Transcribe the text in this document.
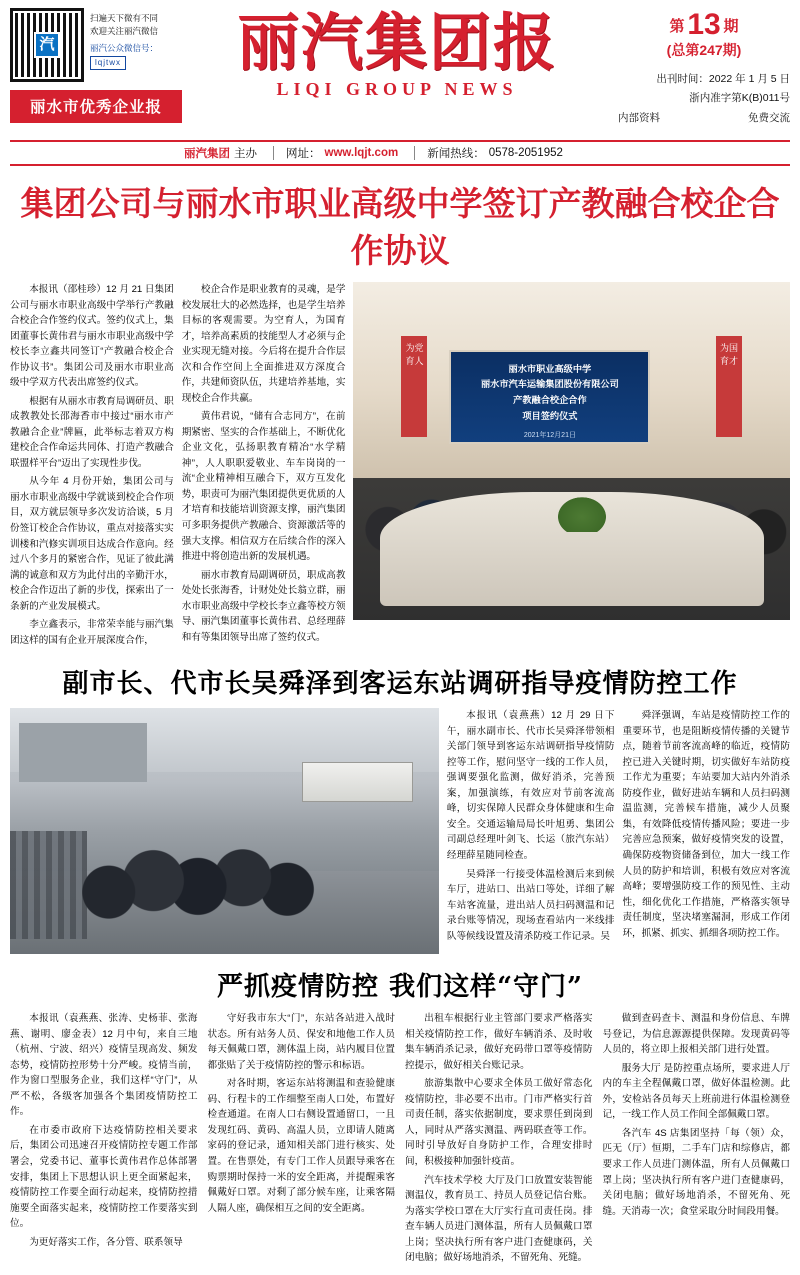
汽
扫遍天下微有不同
欢迎关注丽汽微信
丽汽公众微信号：
lqjtwx
丽水市优秀企业报
丽汽集团报
LIQI GROUP NEWS
第 13 期
(总第247期)
出刊时间：2022 年 1 月 5 日
浙内准字第K(B)011号
内部资料	免费交流
丽汽集团 主办	网址： www.lqjt.com	新闻热线： 0578-2051952
集团公司与丽水市职业高级中学签订产教融合校企合作协议

本报讯（邵桂珍）12 月 21 日集团公司与丽水市职业高级中学举行产教融合校企合作签约仪式。签约仪式上，集团董事长黄伟君与丽水市职业高级中学校长李立鑫共同签订“产教融合校企合作协议书”。集团公司及丽水市职业高级中学双方代表出席签约仪式。

根据有从丽水市教育局调研员、职成教教处长邵海香市中接过“丽水市产教融合企业”牌匾，此举标志着双方构建校企合作命运共同体、打造产教融合联盟样平台”迈出了实现性步伐。

从今年 4 月份开始，集团公司与丽水市职业高级中学就谈到校企合作项目，双方就层领导多次发访洽谈，5 月份签订校企合作协议，重点对接落实实训楼和汽修实训项目达成合作意向。经过八个多月的紧密合作，见证了彼此满满的诚意和双方为此付出的辛勤汗水，校企合作迈出了新的步伐，探索出了一条新的产业发展模式。

李立鑫表示，非常荣幸能与丽汽集团这样的国有企业开展深度合作，

校企合作是职业教育的灵魂，是学校发展壮大的必然选择，也是学生培养目标的客观需要。为空育人，为国育才，培养高素质的技能型人才必须与企业实现无缝对接。今后将在提升合作层次和合作空间上全面推进双方深度合作，共建师资队伍，共建培养基地，实现校企合作共赢。

黄伟君说，“储有合志同方”，在前期紧密、坚实的合作基础上，不断优化企业文化，弘扬职教育精冶“水学精神”，人人职职爱敬业、车车岗岗的一流“企业精神相互融合下，双方互发化势，职责可为丽汽集团提供更优质的人才培育和技能培训资源支撑，丽汽集团可多职务提供产教融合、资源激活等的强大支撑。相信双方在后续合作的深入推进中将创造出新的发展机遇。

丽水市教育局副调研员，职成高教处处长张海香，计财处处长翁立群，丽水市职业高级中学校长李立鑫等校方领导、丽汽集团董事长黄伟君、总经理薛和有等集团领导出席了签约仪式。

为党育人
为国育才
丽水市职业高级中学
丽水市汽车运输集团股份有限公司
产教融合校企合作
项目签约仪式
2021年12月21日
副市长、代市长吴舜泽到客运东站调研指导疫情防控工作

本报讯（袁燕燕）12 月 29 日下午，丽水副市长、代市长吴舜泽带领相关部门领导到客运东站调研指导疫情防控等工作，慰问坚守一线的工作人员，强调要强化监测，做好消杀，完善预案，加强演练，有效应对节前客流高峰，切实保障人民群众身体健康和生命安全。交通运输局局长叶旭勇、集团公司副总经理叶剑飞、长运（旅汽东站）经理薛星随同检查。

吴舜泽一行接受体温检测后来到候车厅，进站口、出站口等处，详细了解车站客流量，进出站人员扫码测温和记录台账等情况，现场查看站内一米线排队等候线设置及清杀防疫工作记录。吴

舜泽强调，车站是疫情防控工作的重要环节，也是阻断疫情传播的关键节点，随着节前客流高峰的临近，疫情防控已进入关键时期，切实做好车站防疫工作尤为重要；车站要加大站内外消杀防疫作业，做好进站车辆和人员扫码测温监测，完善候车措施，减少人员聚集，有效降低疫情传播风险；要进一步完善应急预案，做好疫情突发的设置，确保防疫物资储备到位，加大一线工作人员的防护和培训，积极有效应对客流高峰；要增强防疫工作的预见性、主动性，细化优化工作措施，严格落实领导责任制度，坚决堵塞漏洞，形成工作闭环，抓紧、抓实、抓细各项防控工作。

严抓疫情防控 我们这样“守门”

本报讯（袁燕燕、张涛、史杨菲、张海燕、谢明、廖金表）12 月中旬，来自三地（杭州、宁波、绍兴）疫情呈现高发、频发态势，疫情防控形势十分严峻。疫情当前，作为窗口型服务企业，我们这样“守门”，从严不松，各级客加强各个集团疫情防控工作。

在市委市政府下达疫情防控相关要求后，集团公司迅速召开疫情防控专题工作部署会，党委书记、董事长黄伟君作总体部署安排，集团上下思想认识上更全面紧起来，疫情防控工作要全面行动起来，疫情防控措施要全面落实起来，疫情防控工作要落实到位。

为更好落实工作，各分管、联系领导

守好我市东大“门”，东站各站进入战时状态。所有站务人员、保安和地他工作人员每天佩戴口罩，测体温上岗，站内履目位置都张贴了关于疫情防控的警示和标语。

对各时期，客运东站将测温和查验健康码、行程卡的工作细整至南人口处，布置好检查通道。在南人口右侧设置通留口，一且发现红码、黄码、高温人员，立即请人随离家码的登记录，通知相关部门进行核实、处置。在售票处，有专门工作人员跟导乘客在购票期时保持一米的安全距离，并提醒乘客佩戴好口罩。对剩了部分候车座，让乘客隔人隔人座，确保相互之间的安全距离。

出租车根据行业主管部门要求严格落实相关疫情防控工作，做好车辆消杀、及时收集车辆消杀记录，做好充码带口罩等疫情防控提示，做好相关台账记录。

旅游集散中心要求全体员工做好常态化疫情防控，非必要不出市。门市严格实行首司责任制，落实依据制度，要求票任到岗到人，同时从严落实测温、两码联查等工作。同时引导放好自身防护工作，合理安排时间，积极接种加强针疫苗。

汽车技术学校 大厅及门口放置安装智能测温仪，教育员工、持员人员登记信台账。为落实学校口罩在大厅实行直司责任岗。排查车辆人员进门测体温，所有人员佩戴口罩上岗；坚决执行所有客户进门查健康码，关闭电脑；做好场地消杀，不留死角、死缝。

做到查码查卡、测温和身份信息、车牌号登记，为信息源源提供保障。发现黄码等人员的，将立即上报相关部门进行处置。

服务大厅 是防控重点场所，要求进人厅内的车主全程佩戴口罩，做好体温检测。此外，安检站各员每天上班前进行体温检测登记，一线工作人员工作间全部佩戴口罩。

各汽车 4S 店集团坚持「每（领）众，匹无（厅）恒期，二手车门店和综修店，都要求工作人员进门测体温，所有人员佩戴口罩上岗；坚决执行所有客户进门查健康码，关闭电脑；做好场地消杀，不留死角、死缝。天消毒一次；食堂采取分时间段用餐。
